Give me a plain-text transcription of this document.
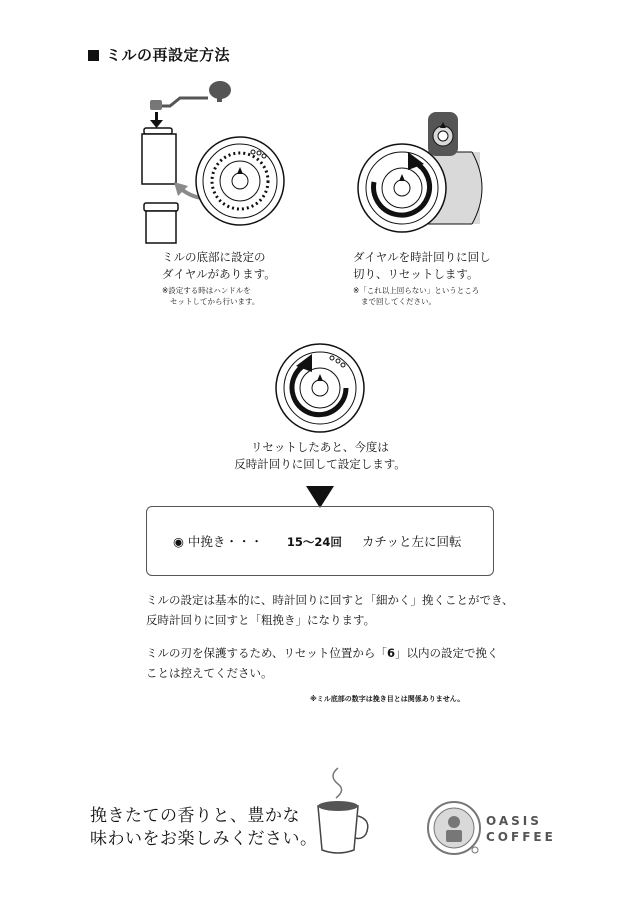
ミルの再設定方法
ミルの底部に設定の
ダイヤルがあります。
※設定する時はハンドルを
セットしてから行います。
ダイヤルを時計回りに回し
切り、リセットします。
※「これ以上回らない」というところ
まで回してください。
リセットしたあと、今度は
反時計回りに回して設定します。
◉ 中挽き・・・ 15〜24回 カチッと左に回転
ミルの設定は基本的に、時計回りに回すと「細かく」挽くことができ、
反時計回りに回すと「粗挽き」になります。
ミルの刃を保護するため、リセット位置から「6」以内の設定で挽く
ことは控えてください。
※ミル底部の数字は挽き目とは関係ありません。
挽きたての香りと、豊かな
味わいをお楽しみください。
OASIS
COFFEE
